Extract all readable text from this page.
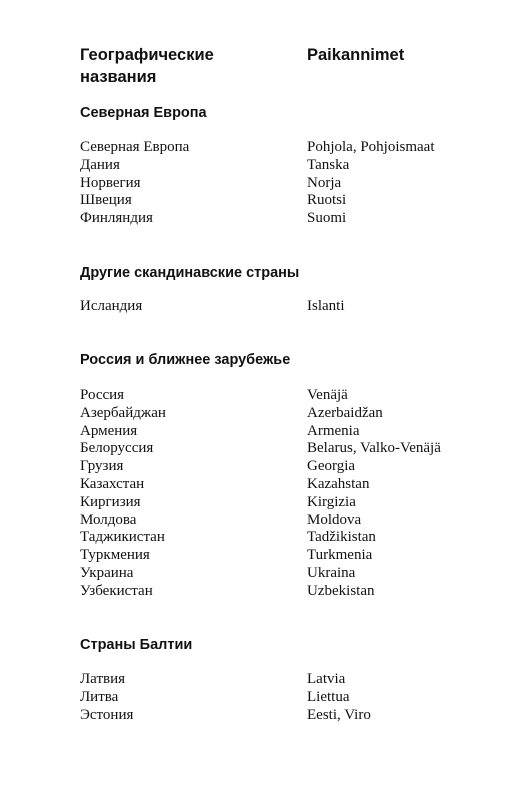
Географические
названия
Paikannimet
Северная Европа
Северная Европа	Pohjola, Pohjoismaat
Дания	Tanska
Норвегия	Norja
Швеция	Ruotsi
Финляндия	Suomi
Другие скандинавские страны
Исландия	Islanti
Россия и ближнее зарубежье
Россия	Venäjä
Азербайджан	Azerbaidžan
Армения	Armenia
Белоруссия	Belarus, Valko-Venäjä
Грузия	Georgia
Казахстан	Kazahstan
Киргизия	Kirgizia
Молдова	Moldova
Таджикистан	Tadžikistan
Туркмения	Turkmenia
Украина	Ukraina
Узбекистан	Uzbekistan
Страны Балтии
Латвия	Latvia
Литва	Liettua
Эстония	Eesti, Viro
